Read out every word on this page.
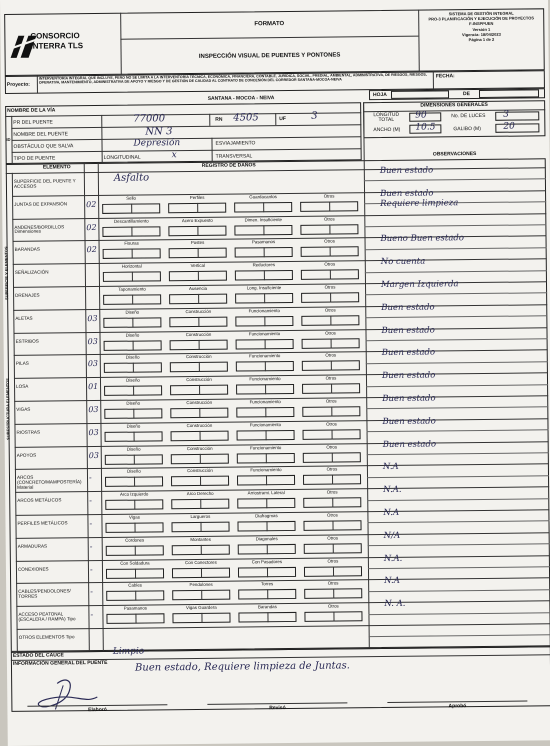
CONSORCIO
INTERRA TLS
FORMATO
INSPECCIÓN VISUAL DE PUENTES Y PONTONES
SISTEMA DE GESTIÓN INTEGRAL
PRO-3 PLANIFICACIÓN Y EJECUCIÓN DE PROYECTOS
F-INSPPUEN
Versión 1
Vigencia: 18/04/2023
Página 1 de 2
Proyecto:
INTERVENTORÍA INTEGRAL QUE INCLUYE, PERO NO SE LIMITA A LA INTERVENTORÍA TÉCNICA, ECONÓMICA, FINANCIERA, CONTABLE, JURÍDICA, SOCIAL, PREDIAL, AMBIENTAL, ADMINISTRATIVA, DE RIESGOS, RIESGOS, OPERATIVA, MANTENIMIENTO, ADMINISTRATIVA DE APOYO Y RIESGO Y DE GESTIÓN DE CALIDAD AL CONTRATO DE CONCESIÓN DEL CORREDOR SANTANA-MOCOA-NEIVA
FECHA:
SANTANA - MOCOA - NEIVA
HOJA	DE
NOMBRE DE LA VÍA
ID
PR DEL PUENTE
NOMBRE DEL PUENTE
OBSTÁCULO QUE SALVA
TIPO DE PUENTE
77000	RN 4505	UF	3
NN 3
Depresión	ESVIAJAMIENTO
LONGITUDINAL	x	TRANSVERSAL
DIMENSIONES GENERALES
LONGITUD TOTAL	90	No. DE LUCES 3
ANCHO (M) 10.5	GALIBO (M) 20
ELEMENTO	REGISTRO DE DAÑOS
OBSERVACIONES
SUPERFICIE Y ELEMENTOS
SUBESTRUCTURA ELEMENTOS
Asfalto
SUPERFICIE DEL PUENTE Y ACCESOS
Buen estado
JUNTAS DE EXPANSIÓN	02
Sello	Perfiles	Guardacantos	Otros	Buen estado
Requiere limpieza
ANDENES/BORDILLOS Dimensiones	02
Descantillamiento	Acero Expuesto	Dimen. Insuficiente	Otros
BARANDAS	02
Fisuras	Postes	Pasamanos	Otros	Bueno Buen estado
SEÑALIZACIÓN
Horizontal	Vertical	Reductores	Otros	No cuenta
DRENAJES
Taponamiento	Ausencia	Long. Insuficiente	Otros	Margen Izquierda
ALETAS	03
Diseño	Construcción	Funcionamiento	Otros	Buen estado
ESTRIBOS	03
Diseño	Construcción	Funcionamiento	Otros	Buen estado
PILAS	03
Diseño	Construcción	Funcionamiento	Otros	Buen estado
LOSA	01
Diseño	Construcción	Funcionamiento	Otros	Buen estado
VIGAS	03
Diseño	Construcción	Funcionamiento	Otros	Buen estado
RIOSTRAS	03
Diseño	Construcción	Funcionamiento	Otros	Buen estado
APOYOS	03
Diseño	Construcción	Funcionamiento	Otros	Buen estado
ARCOS (CONCRETO/MAMPOSTERÍA) Material
-
Diseño	Construcción	Funcionamiento	Otros	N.A
ARCOS METÁLICOS	-
Arco Izquierdo	Arco Derecho	Arriostrami. Lateral	Otros	N.A.
PERFILES METÁLICOS	-
Vigas	Largueros	Diafragmas	Otros	N.A
ARMADURAS	-
Cordones	Montantes	Diagonales	Otros	N/A
CONEXIONES	-
Con Soldadura	Con Conectores	Con Pasadores	Otros	N.A.
CABLES/PENDOLONES/ TORRES	-
Cables	Pendolones	Torres	Otros	N.A
ACCESO PEATONAL (ESCALERA / RAMPA) Tipo	-
Pasamanos	Vigas Guardera	Barandas	Otros	N. A.
OTROS ELEMENTOS Tipo
ESTADO DEL CAUCE	Limpio
INFORMACIÓN GENERAL DEL PUENTE	Buen estado, Requiere limpieza de Juntas.
Elaboró	Revisó	Aprobó
